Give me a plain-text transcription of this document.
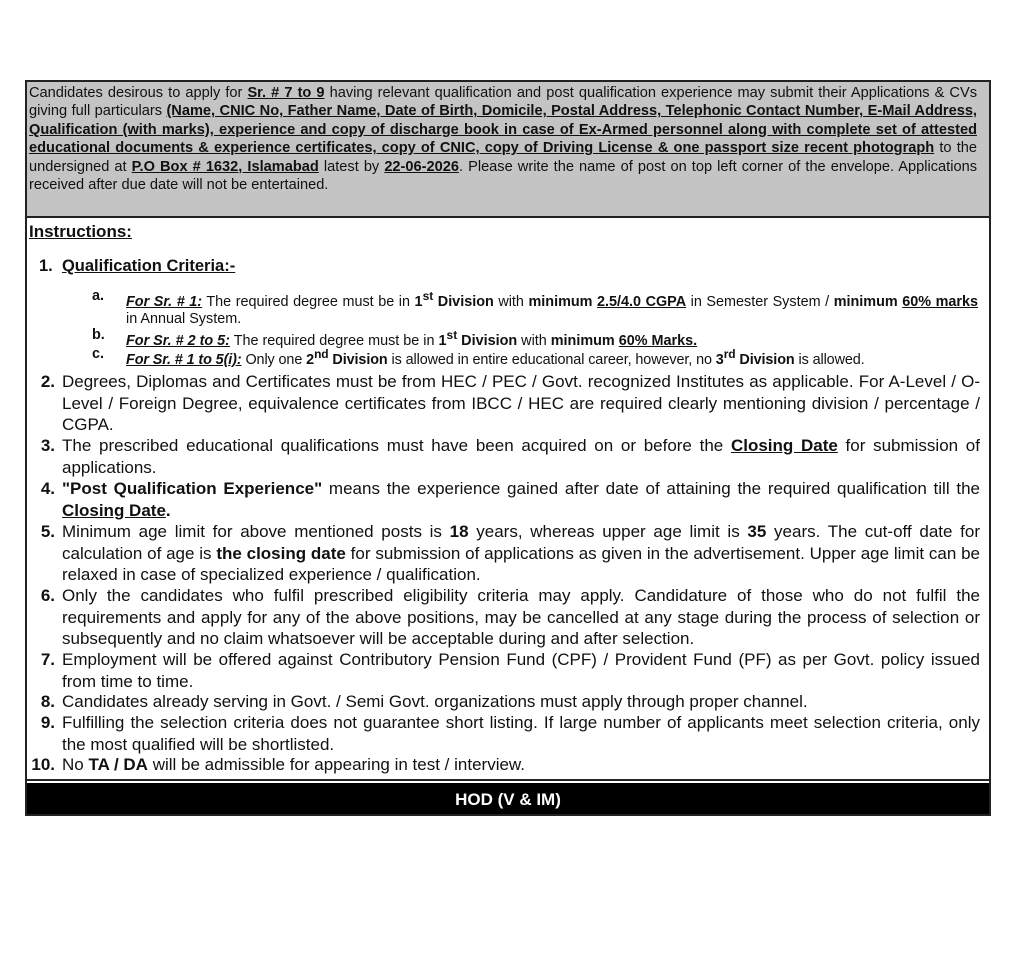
Candidates desirous to apply for Sr. # 7 to 9 having relevant qualification and post qualification experience may submit their Applications & CVs giving full particulars (Name, CNIC No, Father Name, Date of Birth, Domicile, Postal Address, Telephonic Contact Number, E-Mail Address, Qualification (with marks), experience and copy of discharge book in case of Ex-Armed personnel along with complete set of attested educational documents & experience certificates, copy of CNIC, copy of Driving License & one passport size recent photograph to the undersigned at P.O Box # 1632, Islamabad latest by 22-06-2026. Please write the name of post on top left corner of the envelope. Applications received after due date will not be entertained.
Instructions:
1. Qualification Criteria:-
a. For Sr. # 1: The required degree must be in 1st Division with minimum 2.5/4.0 CGPA in Semester System / minimum 60% marks in Annual System.
b. For Sr. # 2 to 5: The required degree must be in 1st Division with minimum 60% Marks.
c. For Sr. # 1 to 5(i): Only one 2nd Division is allowed in entire educational career, however, no 3rd Division is allowed.
2. Degrees, Diplomas and Certificates must be from HEC / PEC / Govt. recognized Institutes as applicable. For A-Level / O-Level / Foreign Degree, equivalence certificates from IBCC / HEC are required clearly mentioning division / percentage / CGPA.
3. The prescribed educational qualifications must have been acquired on or before the Closing Date for submission of applications.
4. "Post Qualification Experience" means the experience gained after date of attaining the required qualification till the Closing Date.
5. Minimum age limit for above mentioned posts is 18 years, whereas upper age limit is 35 years. The cut-off date for calculation of age is the closing date for submission of applications as given in the advertisement. Upper age limit can be relaxed in case of specialized experience / qualification.
6. Only the candidates who fulfil prescribed eligibility criteria may apply. Candidature of those who do not fulfil the requirements and apply for any of the above positions, may be cancelled at any stage during the process of selection or subsequently and no claim whatsoever will be acceptable during and after selection.
7. Employment will be offered against Contributory Pension Fund (CPF) / Provident Fund (PF) as per Govt. policy issued from time to time.
8. Candidates already serving in Govt. / Semi Govt. organizations must apply through proper channel.
9. Fulfilling the selection criteria does not guarantee short listing. If large number of applicants meet selection criteria, only the most qualified will be shortlisted.
10. No TA / DA will be admissible for appearing in test / interview.
HOD (V & IM)
